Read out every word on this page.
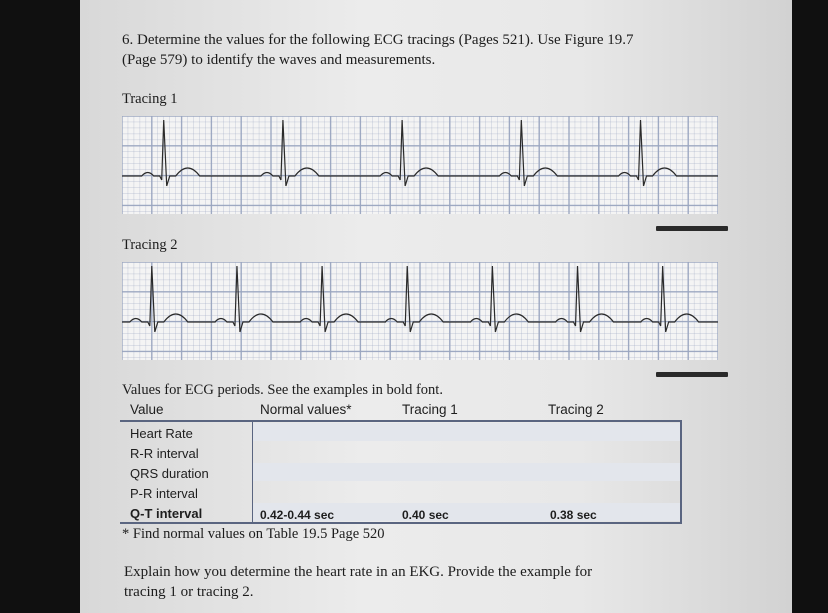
6. Determine the values for the following ECG tracings (Pages 521). Use Figure 19.7
(Page 579) to identify the waves and measurements.
Tracing 1
Tracing 2
Values for ECG periods. See the examples in bold font.
Value	Normal values*	Tracing 1	Tracing 2
Heart Rate
R-R interval
QRS duration
P-R interval
Q-T interval	0.42-0.44 sec	0.40 sec	0.38 sec
* Find normal values on Table 19.5 Page 520
Explain how you determine the heart rate in an EKG. Provide the example for
tracing 1 or tracing 2.
